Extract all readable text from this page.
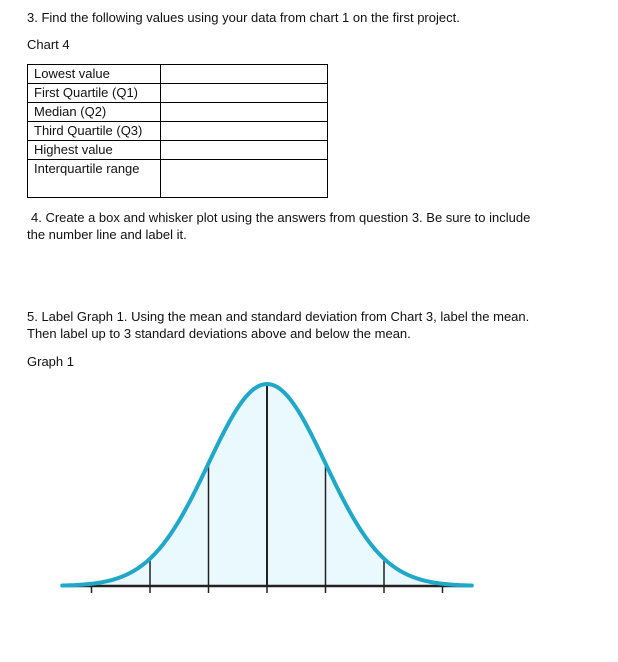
3. Find the following values using your data from chart 1 on the first project.
Chart 4
Lowest value	
First Quartile (Q1)	
Median (Q2)	
Third Quartile (Q3)	
Highest value	
Interquartile range	
4. Create a box and whisker plot using the answers from question 3. Be sure to include
the number line and label it.
5. Label Graph 1. Using the mean and standard deviation from Chart 3, label the mean.
Then label up to 3 standard deviations above and below the mean.
Graph 1
